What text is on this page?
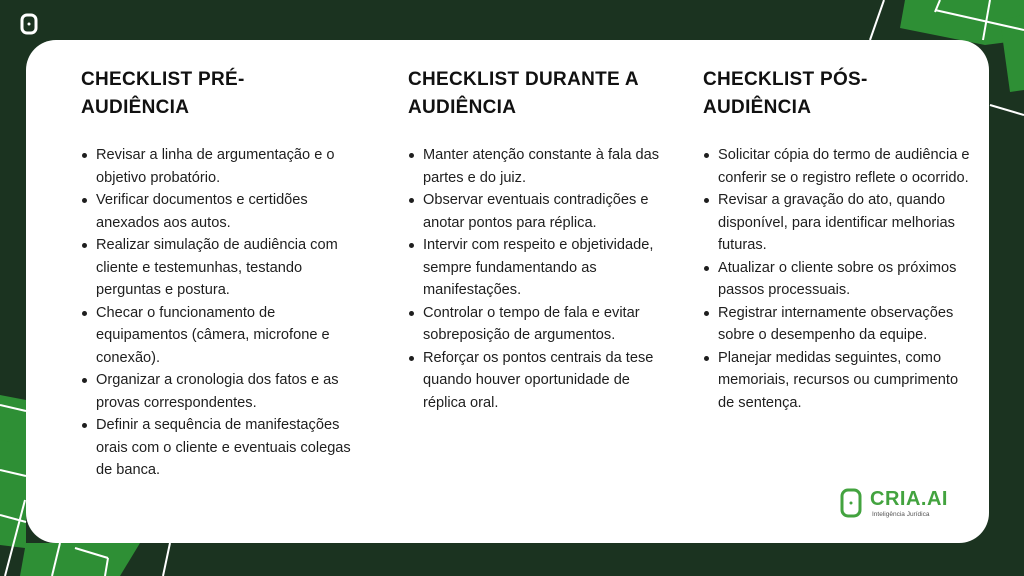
CHECKLIST PRÉ-AUDIÊNCIA
Revisar a linha de argumentação e o objetivo probatório.
Verificar documentos e certidões anexados aos autos.
Realizar simulação de audiência com cliente e testemunhas, testando perguntas e postura.
Checar o funcionamento de equipamentos (câmera, microfone e conexão).
Organizar a cronologia dos fatos e as provas correspondentes.
Definir a sequência de manifestações orais com o cliente e eventuais colegas de banca.
CHECKLIST DURANTE A AUDIÊNCIA
Manter atenção constante à fala das partes e do juiz.
Observar eventuais contradições e anotar pontos para réplica.
Intervir com respeito e objetividade, sempre fundamentando as manifestações.
Controlar o tempo de fala e evitar sobreposição de argumentos.
Reforçar os pontos centrais da tese quando houver oportunidade de réplica oral.
CHECKLIST PÓS-AUDIÊNCIA
Solicitar cópia do termo de audiência e conferir se o registro reflete o ocorrido.
Revisar a gravação do ato, quando disponível, para identificar melhorias futuras.
Atualizar o cliente sobre os próximos passos processuais.
Registrar internamente observações sobre o desempenho da equipe.
Planejar medidas seguintes, como memoriais, recursos ou cumprimento de sentença.
CRIA.AI
Inteligência Jurídica
